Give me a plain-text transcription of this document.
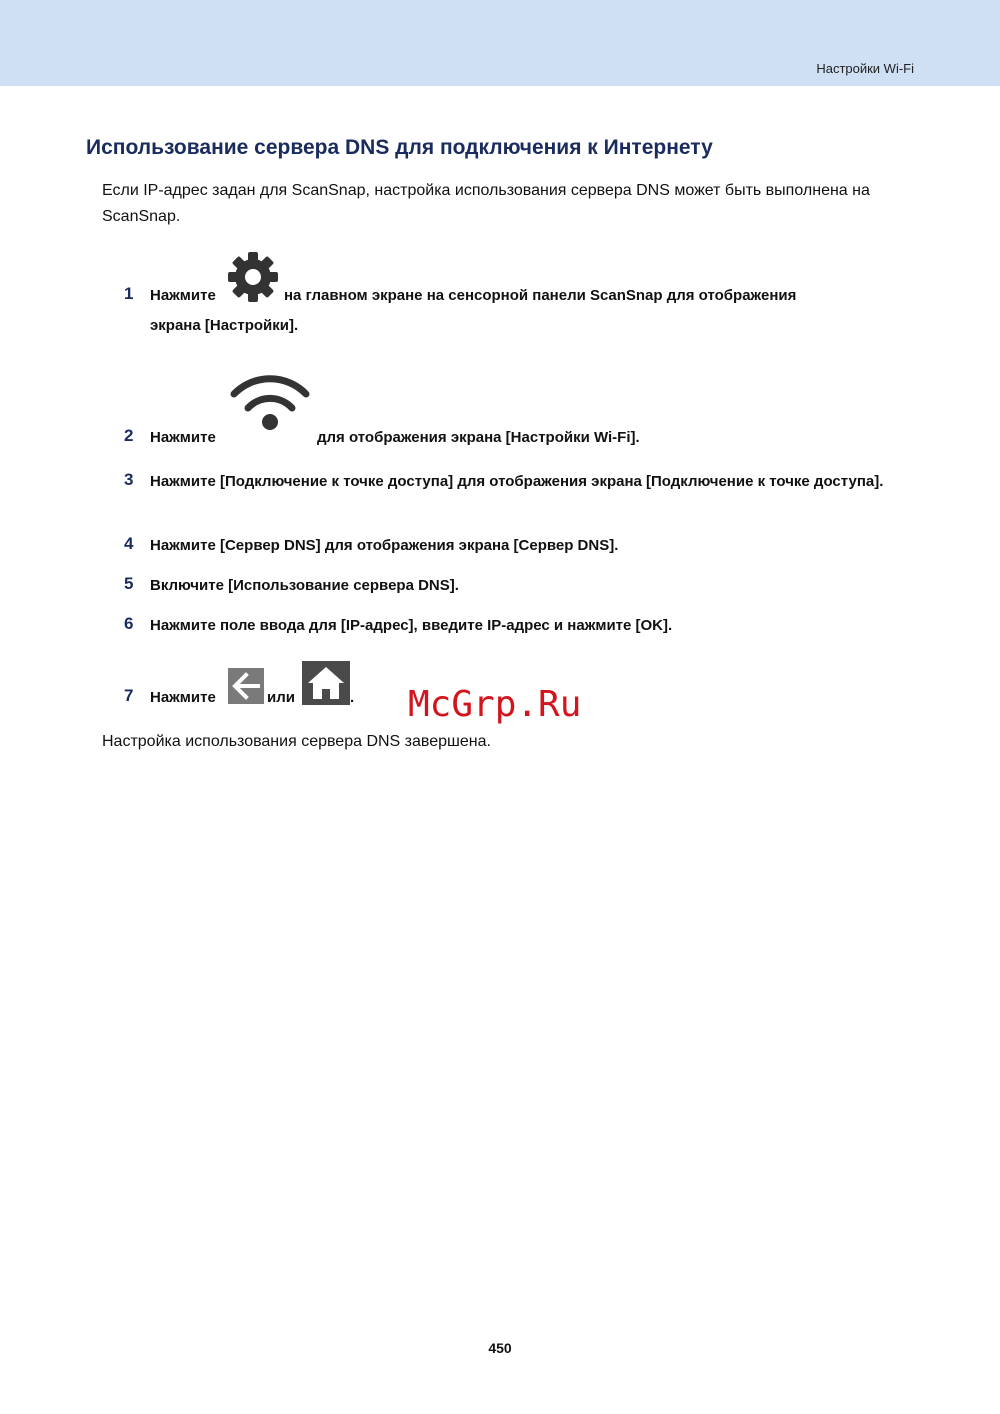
Настройки Wi-Fi
Использование сервера DNS для подключения к Интернету
Если IP-адрес задан для ScanSnap, настройка использования сервера DNS может быть выполнена на ScanSnap.
1 Нажмите	на главном экране на сенсорной панели ScanSnap для отображения
экрана [Настройки].
2 Нажмите	для отображения экрана [Настройки Wi-Fi].
3 Нажмите [Подключение к точке доступа] для отображения экрана [Подключение к точке доступа].
4 Нажмите [Сервер DNS] для отображения экрана [Сервер DNS].
5 Включите [Использование сервера DNS].
6 Нажмите поле ввода для [IP-адрес], введите IP-адрес и нажмите [OK].
7 Нажмите	или	. McGrp.Ru
Настройка использования сервера DNS завершена.
450
